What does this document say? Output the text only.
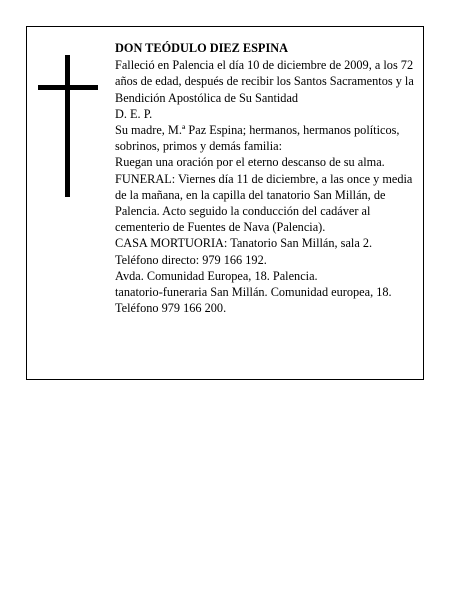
DON TEÓDULO DIEZ ESPINA

Falleció en Palencia el día 10 de diciembre de 2009, a los 72 años de edad, después de recibir los Santos Sacramentos y la Bendición Apostólica de Su Santidad

D. E. P.

Su madre, M.ª Paz Espina; hermanos, hermanos políticos, sobrinos, primos y demás familia:

Ruegan una oración por el eterno descanso de su alma.

FUNERAL: Viernes día 11 de diciembre, a las once y media de la mañana, en la capilla del tanatorio San Millán, de Palencia. Acto seguido la conducción del cadáver al cementerio de Fuentes de Nava (Palencia).

CASA MORTUORIA: Tanatorio San Millán, sala 2.

Teléfono directo: 979 166 192.

Avda. Comunidad Europea, 18. Palencia.

tanatorio-funeraria San Millán. Comunidad europea, 18. Teléfono 979 166 200.
